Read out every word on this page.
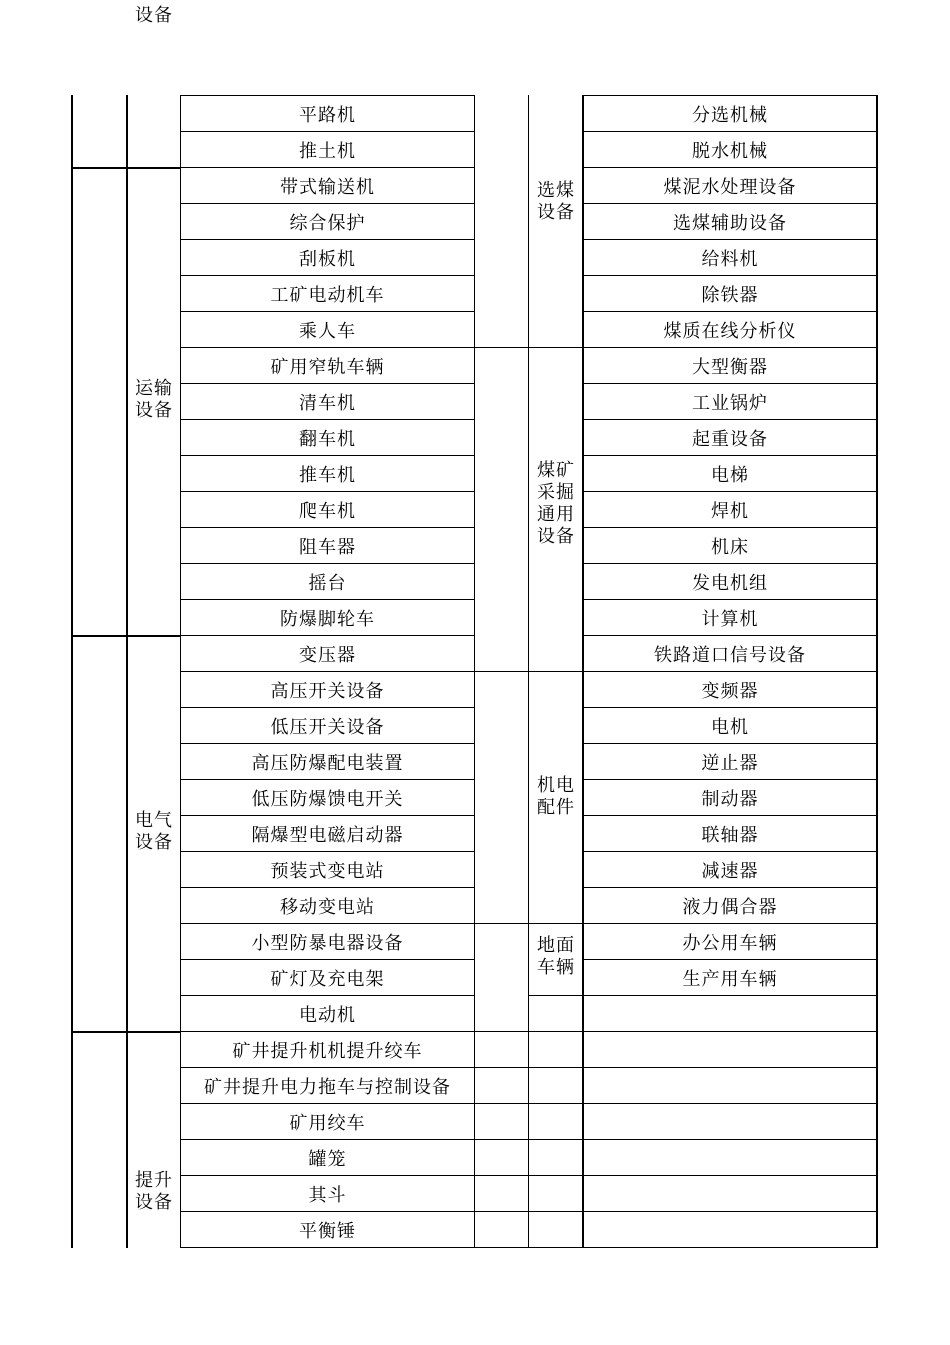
设备
平路机
推土机
带式输送机
综合保护
刮板机
工矿电动机车
乘人车
矿用窄轨车辆
清车机
翻车机
推车机
爬车机
阻车器
摇台
防爆脚轮车
变压器
高压开关设备
低压开关设备
高压防爆配电装置
低压防爆馈电开关
隔爆型电磁启动器
预装式变电站
移动变电站
小型防暴电器设备
矿灯及充电架
电动机
矿井提升机机提升绞车
矿井提升电力拖车与控制设备
矿用绞车
罐笼
其斗
平衡锤
分选机械
脱水机械
煤泥水处理设备
选煤辅助设备
给料机
除铁器
煤质在线分析仪
大型衡器
工业锅炉
起重设备
电梯
焊机
机床
发电机组
计算机
铁路道口信号设备
变频器
电机
逆止器
制动器
联轴器
减速器
液力偶合器
办公用车辆
生产用车辆
运输
设备
电气
设备
提升
设备
选煤
设备
煤矿
采掘
通用
设备
机电
配件
地面
车辆
